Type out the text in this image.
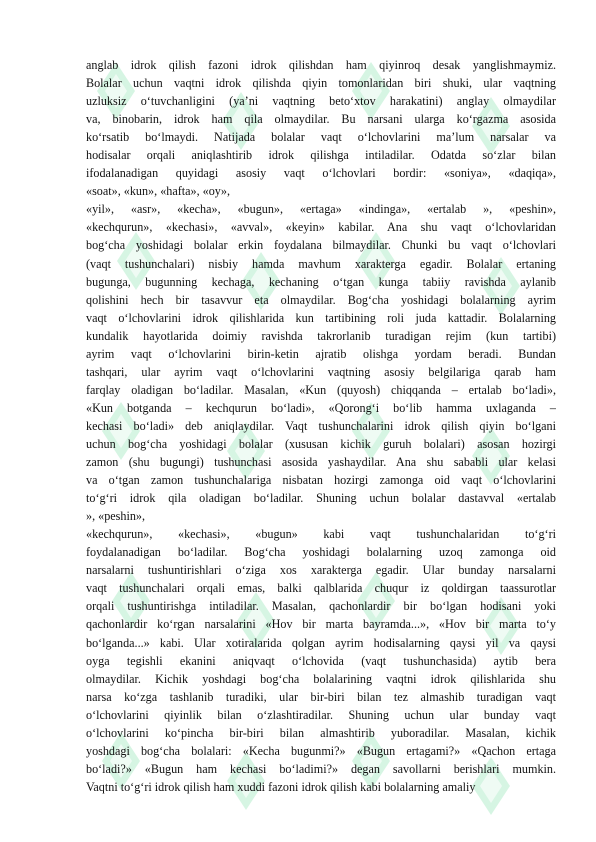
anglab idrok qilish fazoni idrok qilishdan ham qiyinroq desak yanglishmaymiz.
Bolalar uchun vaqtni idrok qilishda qiyin tomonlaridan biri shuki, ular vaqtning
uzluksiz o‘tuvchanligini (ya’ni vaqtning beto‘xtov harakatini) anglay olmaydilar
va, binobarin, idrok ham qila olmaydilar. Bu narsani ularga ko‘rgazma asosida
ko‘rsatib bo‘lmaydi. Natijada bolalar vaqt o‘lchovlarini ma’lum narsalar va
hodisalar orqali aniqlashtirib idrok qilishga intiladilar. Odatda so‘zlar bilan
ifodalanadigan quyidagi asosiy vaqt o‘lchovlari bordir: «soniya», «daqiqa»,
«soat», «kun», «hafta», «oy»,
«yil», «asr», «kecha», «bugun», «ertaga» «indinga», «ertalab », «peshin»,
«kechqurun», «kechasi», «avval», «keyin» kabilar. Ana shu vaqt o‘lchovlaridan
bog‘cha yoshidagi bolalar erkin foydalana bilmaydilar. Chunki bu vaqt o‘lchovlari
(vaqt tushunchalari) nisbiy hamda mavhum xarakterga egadir. Bolalar ertaning
bugunga, bugunning kechaga, kechaning o‘tgan kunga tabiiy ravishda aylanib
qolishini hech bir tasavvur eta olmaydilar. Bog‘cha yoshidagi bolalarning ayrim
vaqt o‘lchovlarini idrok qilishlarida kun tartibining roli juda kattadir. Bolalarning
kundalik hayotlarida doimiy ravishda takrorlanib turadigan rejim (kun tartibi)
ayrim vaqt o‘lchovlarini birin-ketin ajratib olishga yordam beradi. Bundan
tashqari, ular ayrim vaqt o‘lchovlarini vaqtning asosiy belgilariga qarab ham
farqlay oladigan bo‘ladilar. Masalan, «Kun (quyosh) chiqqanda – ertalab bo‘ladi»,
«Kun botganda – kechqurun bo‘ladi», «Qorong‘i bo‘lib hamma uxlaganda –
kechasi bo‘ladi» deb aniqlaydilar. Vaqt tushunchalarini idrok qilish qiyin bo‘lgani
uchun bog‘cha yoshidagi bolalar (xususan kichik guruh bolalari) asosan hozirgi
zamon (shu bugungi) tushunchasi asosida yashaydilar. Ana shu sababli ular kelasi
va o‘tgan zamon tushunchalariga nisbatan hozirgi zamonga oid vaqt o‘lchovlarini
to‘g‘ri idrok qila oladigan bo‘ladilar. Shuning uchun bolalar dastavval «ertalab
», «peshin»,
«kechqurun», «kechasi», «bugun» kabi vaqt tushunchalaridan to‘g‘ri
foydalanadigan bo‘ladilar. Bog‘cha yoshidagi bolalarning uzoq zamonga oid
narsalarni tushuntirishlari o‘ziga xos xarakterga egadir. Ular bunday narsalarni
vaqt tushunchalari orqali emas, balki qalblarida chuqur iz qoldirgan taassurotlar
orqali tushuntirishga intiladilar. Masalan, qachonlardir bir bo‘lgan hodisani yoki
qachonlardir ko‘rgan narsalarini «Hov bir marta bayramda...», «Hov bir marta to‘y
bo‘lganda...» kabi. Ular xotiralarida qolgan ayrim hodisalarning qaysi yil va qaysi
oyga tegishli ekanini aniqvaqt o‘lchovida (vaqt tushunchasida) aytib bera
olmaydilar. Kichik yoshdagi bog‘cha bolalarining vaqtni idrok qilishlarida shu
narsa ko‘zga tashlanib turadiki, ular bir-biri bilan tez almashib turadigan vaqt
o‘lchovlarini qiyinlik bilan o‘zlashtiradilar. Shuning uchun ular bunday vaqt
o‘lchovlarini ko‘pincha bir-biri bilan almashtirib yuboradilar. Masalan, kichik
yoshdagi bog‘cha bolalari: «Kecha bugunmi?» «Bugun ertagami?» «Qachon ertaga
bo‘ladi?» «Bugun ham kechasi bo‘ladimi?» degan savollarni berishlari mumkin.
Vaqtni to‘g‘ri idrok qilish ham xuddi fazoni idrok qilish kabi bolalarning amaliy
